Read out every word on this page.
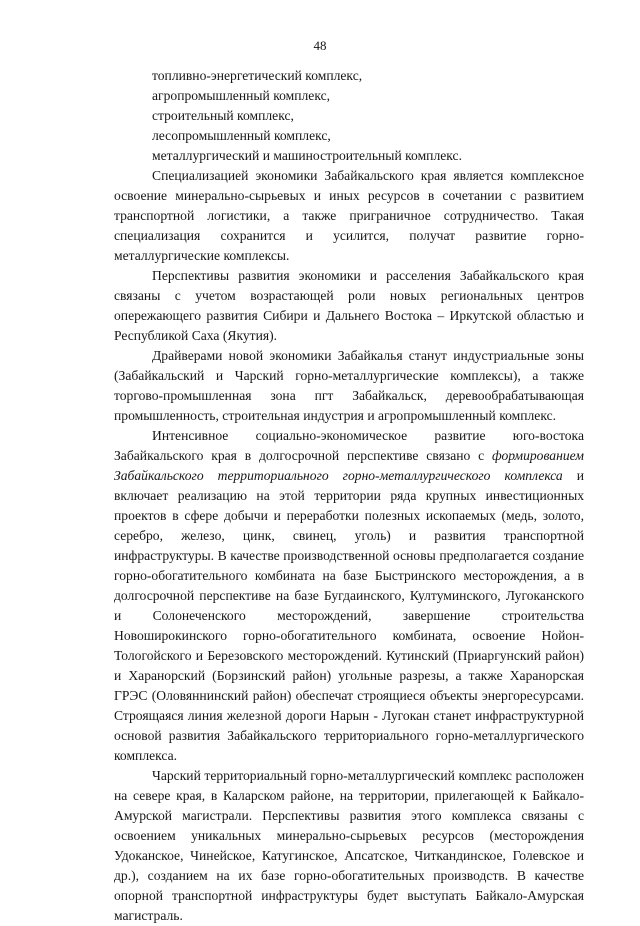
48

топливно-энергетический комплекс,

агропромышленный комплекс,

строительный комплекс,

лесопромышленный комплекс,

металлургический и машиностроительный комплекс.

Специализацией экономики Забайкальского края является комплексное освоение минерально-сырьевых и иных ресурсов в сочетании с развитием транспортной логистики, а также приграничное сотрудничество. Такая специализация сохранится и усилится, получат развитие горно-металлургические комплексы.

Перспективы развития экономики и расселения Забайкальского края связаны с учетом возрастающей роли новых региональных центров опережающего развития Сибири и Дальнего Востока – Иркутской областью и Республикой Саха (Якутия).

Драйверами новой экономики Забайкалья станут индустриальные зоны (Забайкальский и Чарский горно-металлургические комплексы), а также торгово-промышленная зона пгт Забайкальск, деревообрабатывающая промышленность, строительная индустрия и агропромышленный комплекс.

Интенсивное социально-экономическое развитие юго-востока Забайкальского края в долгосрочной перспективе связано с формированием Забайкальского территориального горно-металлургического комплекса и включает реализацию на этой территории ряда крупных инвестиционных проектов в сфере добычи и переработки полезных ископаемых (медь, золото, серебро, железо, цинк, свинец, уголь) и развития транспортной инфраструктуры. В качестве производственной основы предполагается создание горно-обогатительного комбината на базе Быстринского месторождения, а в долгосрочной перспективе на базе Бугдаинского, Култуминского, Лугоканского и Солонеченского месторождений, завершение строительства Новоширокинского горно-обогатительного комбината, освоение Нойон-Тологойского и Березовского месторождений. Кутинский (Приаргунский район) и Харанорский (Борзинский район) угольные разрезы, а также Харанорская ГРЭС (Оловяннинский район) обеспечат строящиеся объекты энергоресурсами. Строящаяся линия железной дороги Нарын - Лугокан станет инфраструктурной основой развития Забайкальского территориального горно-металлургического комплекса.

Чарский территориальный горно-металлургический комплекс расположен на севере края, в Каларском районе, на территории, прилегающей к Байкало-Амурской магистрали. Перспективы развития этого комплекса связаны с освоением уникальных минерально-сырьевых ресурсов (месторождения Удоканское, Чинейское, Катугинское, Апсатское, Читкандинское, Голевское и др.), созданием на их базе горно-обогатительных производств. В качестве опорной транспортной инфраструктуры будет выступать Байкало-Амурская магистраль.
